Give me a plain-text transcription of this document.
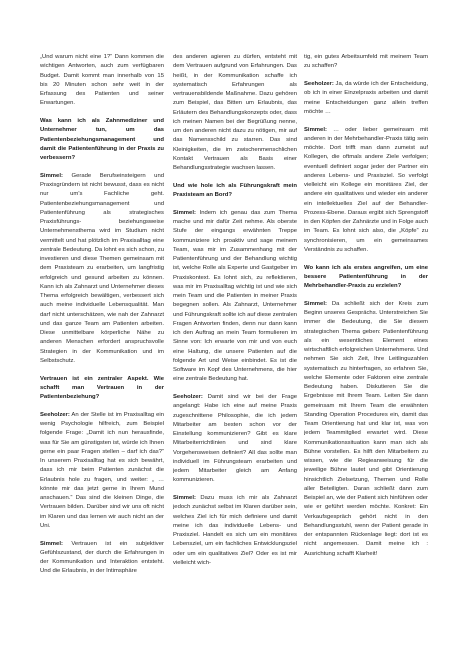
„Und warum nicht eine 1?“ Dann kommen die wichtigen Antworten, auch zum verfügbaren Budget. Damit kommt man innerhalb von 15 bis 20 Minuten schon sehr weit in der Erfassung des Patienten und seiner Erwartungen.

Was kann ich als Zahnmediziner und Unternehmer tun, um das Patientenbeziehungsmanagement und damit die Patientenführung in der Praxis zu verbessern?

Simmel: Gerade Berufseinsteigern und Praxisgründern ist nicht bewusst, dass es nicht nur um's Fachliche geht. Patientenbeziehungsmanagement und Patientenführung als strategisches Praxisführungs- beziehungsweise Unternehmensthema wird im Studium nicht vermittelt und hat plötzlich im Praxisalltag eine zentrale Bedeutung. Da lohnt es sich schon, zu investieren und diese Themen gemeinsam mit dem Praxisteam zu erarbeiten, um langfristig erfolgreich und gesund arbeiten zu können. Kann ich als Zahnarzt und Unternehmer dieses Thema erfolgreich bewältigen, verbessert sich auch meine individuelle Lebensqualität. Man darf nicht unterschätzen, wie nah der Zahnarzt und das ganze Team am Patienten arbeiten. Diese unmittelbare körperliche Nähe zu anderen Menschen erfordert anspruchsvolle Strategien in der Kommunikation und im Selbstschutz.

Vertrauen ist ein zentraler Aspekt. Wie schafft man Vertrauen in der Patientenbeziehung?

Seeholzer: An der Stelle ist im Praxisalltag ein wenig Psychologie hilfreich, zum Beispiel folgende Frage: „Damit ich nun herausfinde, was für Sie am günstigsten ist, würde ich Ihnen gerne ein paar Fragen stellen – darf ich das?“ In unserem Praxisalltag hat es sich bewährt, dass ich mir beim Patienten zunächst die Erlaubnis hole zu fragen, und weiter: „ … könnte mir das jetzt gerne in Ihrem Mund anschauen.“ Das sind die kleinen Dinge, die Vertrauen bilden. Darüber sind wir uns oft nicht im Klaren und das lernen wir auch nicht an der Uni.

Simmel: Vertrauen ist ein subjektiver Gefühlszustand, der durch die Erfahrungen in der Kommunikation und Interaktion entsteht. Und die Erlaubnis, in der Intimsphäre

des anderen agieren zu dürfen, entsteht mit dem Vertrauen aufgrund von Erfahrungen. Das heißt, in der Kommunikation schaffe ich systematisch Erfahrungen als vertrauensbildende Maßnahme. Dazu gehören zum Beispiel, das Bitten um Erlaubnis, das Erläutern des Behandlungskonzepts oder, dass ich meinen Namen bei der Begrüßung nenne, um den anderen nicht dazu zu nötigen, mir auf das Namensschild zu starren. Das sind Kleinigkeiten, die im zwischenmenschlichen Kontakt Vertrauen als Basis einer Behandlungsstrategie wachsen lassen.

Und wie hole ich als Führungskraft mein Praxisteam an Bord?

Simmel: Indem ich genau das zum Thema mache und mir dafür Zeit nehme. Als oberste Stufe der eingangs erwähnten Treppe kommuniziere ich proaktiv und sage meinem Team, was mir im Zusammenhang mit der Patientenführung und der Behandlung wichtig ist, welche Rolle als Experte und Gastgeber im Praxiskontext. Es lohnt sich, zu reflektieren, was mir im Praxisalltag wichtig ist und wie sich mein Team und die Patienten in meiner Praxis begegnen sollen. Als Zahnarzt, Unternehmer und Führungskraft sollte ich auf diese zentralen Fragen Antworten finden, denn nur dann kann ich den Auftrag an mein Team formulieren im Sinne von: Ich erwarte von mir und von euch eine Haltung, die unsere Patienten auf die folgende Art und Weise einbindet. Es ist die Software im Kopf des Unternehmens, die hier eine zentrale Bedeutung hat.

Seeholzer: Damit sind wir bei der Frage angelangt: Habe ich eine auf meine Praxis zugeschnittene Philosophie, die ich jedem Mitarbeiter am besten schon vor der Einstellung kommunizieren? Gibt es klare Mitarbeiterrichtlinien und sind klare Vorgehensweisen definiert? All das sollte man individuell im Führungsteam erarbeiten und jedem Mitarbeiter gleich am Anfang kommunizieren.

Simmel: Dazu muss ich mir als Zahnarzt jedoch zunächst selbst im Klaren darüber sein, welches Ziel ich für mich definiere und damit meine ich das individuelle Lebens- und Praxisziel. Handelt es sich um ein monitäres Lebensziel, um ein fachliches Entwicklungsziel oder um ein qualitatives Ziel? Oder es ist mir vielleicht wich-

tig, ein gutes Arbeitsumfeld mit meinem Team zu schaffen?

Seeholzer: Ja, da würde ich der Entscheidung, ob ich in einer Einzelpraxis arbeiten und damit meine Entscheidungen ganz allein treffen möchte …

Simmel: … oder lieber gemeinsam mit anderen in der Mehrbehandler-Praxis tätig sein möchte. Dort trifft man dann zumeist auf Kollegen, die oftmals andere Ziele verfolgen; eventuell definiert sogar jeder der Partner ein anderes Lebens- und Praxisziel. So verfolgt vielleicht ein Kollege ein monitäres Ziel, der andere ein qualitatives und wieder ein anderer ein intellektuelles Ziel auf der Behandler-Prozess-Ebene. Daraus ergibt sich Sprengstoff in den Köpfen der Zahnärzte und in Folge auch im Team. Es lohnt sich also, die „Köpfe“ zu synchronisieren, um ein gemeinsames Verständnis zu schaffen.

Wo kann ich als erstes angreifen, um eine bessere Patientenführung in der Mehrbehandler-Praxis zu erzielen?

Simmel: Da schließt sich der Kreis zum Beginn unseres Gesprächs. Unterstreichen Sie immer die Bedeutung, die Sie diesem strategischen Thema geben: Patientenführung als ein wesentliches Element eines wirtschaftlich erfolgreichen Unternehmens. Und nehmen Sie sich Zeit, Ihre Leitlinguzahlen systematisch zu hinterfragen, so erfahren Sie, welche Elemente oder Faktoren eine zentrale Bedeutung haben. Diskutieren Sie die Ergebnisse mit Ihrem Team. Leiten Sie dann gemeinsam mit Ihrem Team die erwähnten Standing Operation Procedures ein, damit das Team Orientierung hat und klar ist, was von jedem Teammitglied erwartet wird. Diese Kommunikationssituation kann man sich als Bühne vorstellen. Es hilft den Mitarbeitern zu wissen, wie die Regieanweisung für die jeweilige Bühne lautet und gibt Orientierung hinsichtlich Zielsetzung, Themen und Rolle aller Beteiligten. Daran schließt dann zum Beispiel an, wie der Patient sich hinführen oder wie er geführt werden möchte. Konkret: Ein Verkaufsgespräch gehört nicht in den Behandlungsstuhl, wenn der Patient gerade in der entspannten Rückenlage liegt: dort ist es nicht angemessen. Damit meine ich : Ausrichtung schafft Klarheit!
